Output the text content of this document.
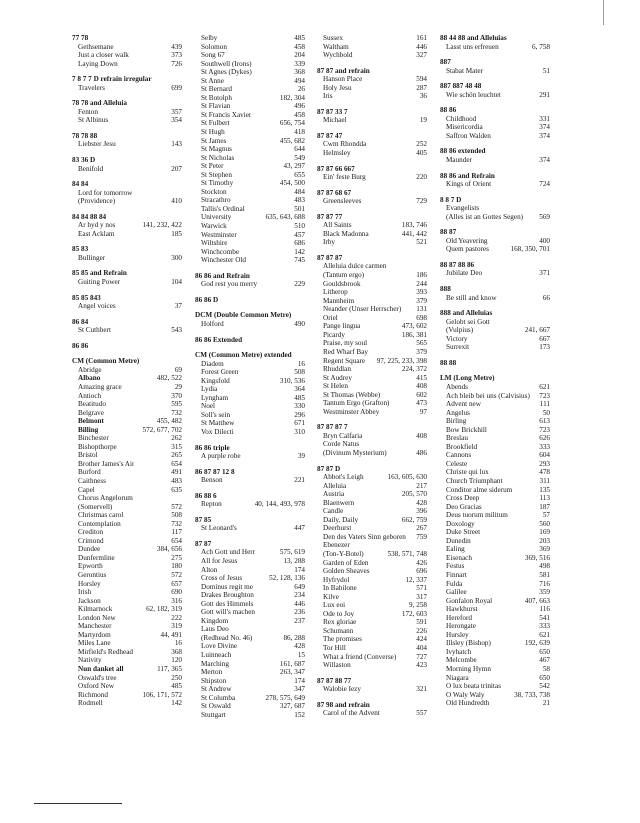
77 78
Gethsemane	439
Just a closer walk	373
Laying Down	726
7 8 7 7 D refrain irregular
Travelers	699
78 78 and Alleluia
Fenton	357
St Albinus	354
78 78 88
Liebster Jesu	143
83 36 D
Benifold	207
84 84
Lord for tomorrow
(Providence)	410
84 84 88 84
Ar hyd y nos	141, 232, 422
East Acklam	185
85 83
Bullinger	300
85 85 and Refrain
Guiting Power	104
85 85 843
Angel voices	37
86 84
St Cuthbert	543
86 86
CM (Common Metre)
Abridge	69
Albano	482, 522
Amazing grace	29
Antioch	370
Beatitudo	595
Belgrave	732
Belmont	455, 482
Billing	572, 677, 702
Binchester	262
Bishopthorpe	315
Bristol	265
Brother James's Air	654
Burford	491
Caithness	483
Capel	635
Chorus Angelorum
(Somervell)	572
Christmas carol	508
Contemplation	732
Crediton	117
Crimond	654
Dundee	384, 656
Dunfermline	275
Epworth	180
Gerontius	572
Horsley	657
Irish	690
Jackson	316
Kilmarnock	62, 182, 319
London New	222
Manchester	319
Martyrdom	44, 491
Miles Lane	16
Mirfield's Redhead	368
Nativity	120
Nun danket all	117, 365
Oswald's tree	250
Oxford New	485
Richmond	106, 171, 572
Rodmell	142
Selby	485
Solomon	458
Song 67	204
Southwell (Irons)	339
St Agnes (Dykes)	368
St Anne	494
St Bernard	26
St Botolph	182, 304
St Flavian	496
St Francis Xavier	458
St Fulbert	656, 754
St Hugh	418
St James	455, 682
St Magnus	644
St Nicholas	549
St Peter	43, 297
St Stephen	655
St Timothy	454, 500
Stockton	484
Stracathro	483
Tallis's Ordinal	501
University	635, 643, 688
Warwick	510
Westminster	457
Wiltshire	686
Winchcombe	142
Winchester Old	745
86 86 and Refrain
God rest you merry	229
86 86 D
DCM (Double Common Metre)
Holford	490
86 86 Extended
CM (Common Metre) extended
Diadem	16
Forest Green	508
Kingsfold	310, 536
Lydia	364
Lyngham	485
Noel	330
Soll's sein	296
St Matthew	671
Vox Dilecti	310
86 86 triple
A purple robe	39
86 87 87 12 8
Benson	221
86 88 6
Repton	40, 144, 493, 978
87 85
St Leonard's	447
87 87
Ach Gott und Herr	575, 619
All for Jesus	13, 288
Alton	174
Cross of Jesus	52, 128, 136
Dominus regit me	649
Drakes Broughton	234
Gott des Himmels	446
Gott will's machen	236
Kingdom	237
Laus Deo
(Redhead No. 46)	86, 288
Love Divine	428
Luinneach	15
Marching	161, 687
Merton	263, 347
Shipston	174
St Andrew	347
St Columba	278, 575, 649
St Oswald	327, 687
Stuttgart	152
Sussex	161
Waltham	446
Wychbold	327
87 87 and refrain
Hanson Place	594
Holy Jesu	287
Iris	36
87 87 33 7
Michael	19
87 87 47
Cwm Rhondda	252
Helmsley	405
87 87 66 667
Ein' feste Burg	220
87 87 68 67
Greensleeves	729
87 87 77
All Saints	183, 746
Black Madonna	441, 442
Irby	521
87 87 87
Alleluia dulce carmen
(Tantum ergo)	186
Gouldsbrook	244
Litherop	393
Mannheim	379
Neander (Unser Herrscher)	131
Oriel	698
Pange lingua	473, 602
Picardy	186, 381
Praise, my soul	565
Red Wharf Bay	379
Regent Square	97, 225, 233, 398
Rhuddlan	224, 372
St Audrey	415
St Helen	408
St Thomas (Webbe)	602
Tantum Ergo (Grafton)	473
Westminster Abbey	97
87 87 87 7
Bryn Calfaria	408
Corde Natus
(Divinum Mysterium)	486
87 87 D
Abbot's Leigh	163, 605, 630
Alleluia	217
Austria	205, 570
Blaenwern	428
Candle	396
Daily, Daily	662, 759
Deerhurst	267
Den des Vaters Sinn geboren	759
Ebenezer
(Ton-Y-Botel)	538, 571, 748
Garden of Eden	426
Golden Sheaves	696
Hyfrydol	12, 337
In Babilone	571
Kilve	317
Lux eoi	9, 258
Ode to Joy	172, 603
Rex gloriae	591
Schumann	226
The promises	424
Tor Hill	404
What a friend (Converse)	727
Willaston	423
87 87 88 77
Walobie Iezy	321
87 98 and refrain
Carol of the Advent	557
88 44 88 and Alleluias
Lasst uns erfreuen	6, 758
887
Stabat Mater	51
887 887 48 48
Wie schön leuchtet	291
88 86
Childhood	331
Misericordia	374
Saffron Walden	374
88 86 extended
Maunder	374
88 86 and Refrain
Kings of Orient	724
8 8 7 D
Evangelists
(Alles ist an Gottes Segen)	569
88 87
Old Yeavering	400
Quem pastores	168, 350, 701
88 87 88 86
Jubilate Deo	371
888
Be still and know	66
888 and Alleluias
Gelobt sei Gott
(Vulpius)	241, 667
Victory	667
Surrexit	173
88 88
LM (Long Metre)
Abends	621
Ach bleib bei uns (Calvisius)	723
Advent new	111
Angelus	50
Birling	613
Bow Brickhill	723
Breslau	626
Brookfield	333
Cannons	604
Celeste	293
Christe qui lux	478
Church Triumphant	311
Conditor alme siderum	135
Cross Deep	113
Deo Gracias	187
Deus tuorum militum	57
Doxology	560
Duke Street	169
Dunedin	203
Ealing	369
Eisenach	369, 516
Festus	498
Finnart	581
Fulda	716
Galilee	359
Gonfalon Royal	407, 663
Hawkhurst	116
Hereford	541
Herongate	333
Hursley	621
Illsley (Bishop)	192, 639
Ivyhatch	650
Melcombe	467
Morning Hymn	58
Niagara	650
O lux beata trinitas	542
O Waly Waly	38, 733, 738
Old Hundredth	21
